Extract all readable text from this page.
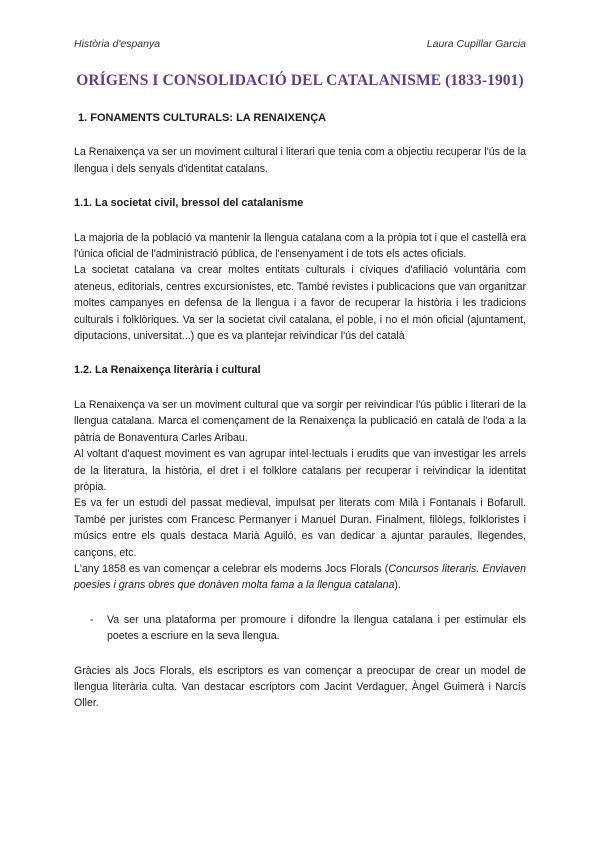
Història d'espanya	Laura Cupillar Garcia
ORÍGENS I CONSOLIDACIÓ DEL CATALANISME (1833-1901)

1. FONAMENTS CULTURALS: LA RENAIXENÇA

La Renaixença va ser un moviment cultural i literari que tenia com a objectiu recuperar l'ús de la llengua i dels senyals d'identitat catalans.

1.1. La societat civil, bressol del catalanisme

La majoria de la població va mantenir la llengua catalana com a la pròpia tot i que el castellà era l'única oficial de l'administració pública, de l'ensenyament i de tots els actes oficials.

La societat catalana va crear moltes entitats culturals i cíviques d'afiliació voluntària com ateneus, editorials, centres excursionistes, etc. També revistes i publicacions que van organitzar moltes campanyes en defensa de la llengua i a favor de recuperar la història i les tradicions culturals i folklòriques. Va ser la societat civil catalana, el poble, i no el món oficial (ajuntament, diputacions, universitat...) que es va plantejar reivindicar l'ús del català

1.2. La Renaixença literària i cultural

La Renaixença va ser un moviment cultural que va sorgir per reivindicar l'ús públic i literari de la llengua catalana. Marca el començament de la Renaixença la publicació en català de l'oda a la pàtria de Bonaventura Carles Aribau.

Al voltant d'aquest moviment es van agrupar intel·lectuals i erudits que van investigar les arrels de la literatura, la història, el dret i el folklore catalans per recuperar i reivindicar la identitat pròpia.

Es va fer un estudi del passat medieval, impulsat per literats com Milà i Fontanals i Bofarull. També per juristes com Francesc Permanyer i Manuel Duran. Finalment, filòlegs, folkloristes i músics entre els quals destaca Marià Aguiló, es van dedicar a ajuntar paraules, llegendes, cançons, etc.

L'any 1858 es van començar a celebrar els moderns Jocs Florals (Concursos literaris. Enviaven poesies i grans obres que donàven molta fama a la llengua catalana).

-	Va ser una plataforma per promoure i difondre la llengua catalana i per estimular els poetes a escriure en la seva llengua.

Gràcies als Jocs Florals, els escriptors es van començar a preocupar de crear un model de llengua literària culta. Van destacar escriptors com Jacint Verdaguer, Àngel Guimerà i Narcís Oller.
